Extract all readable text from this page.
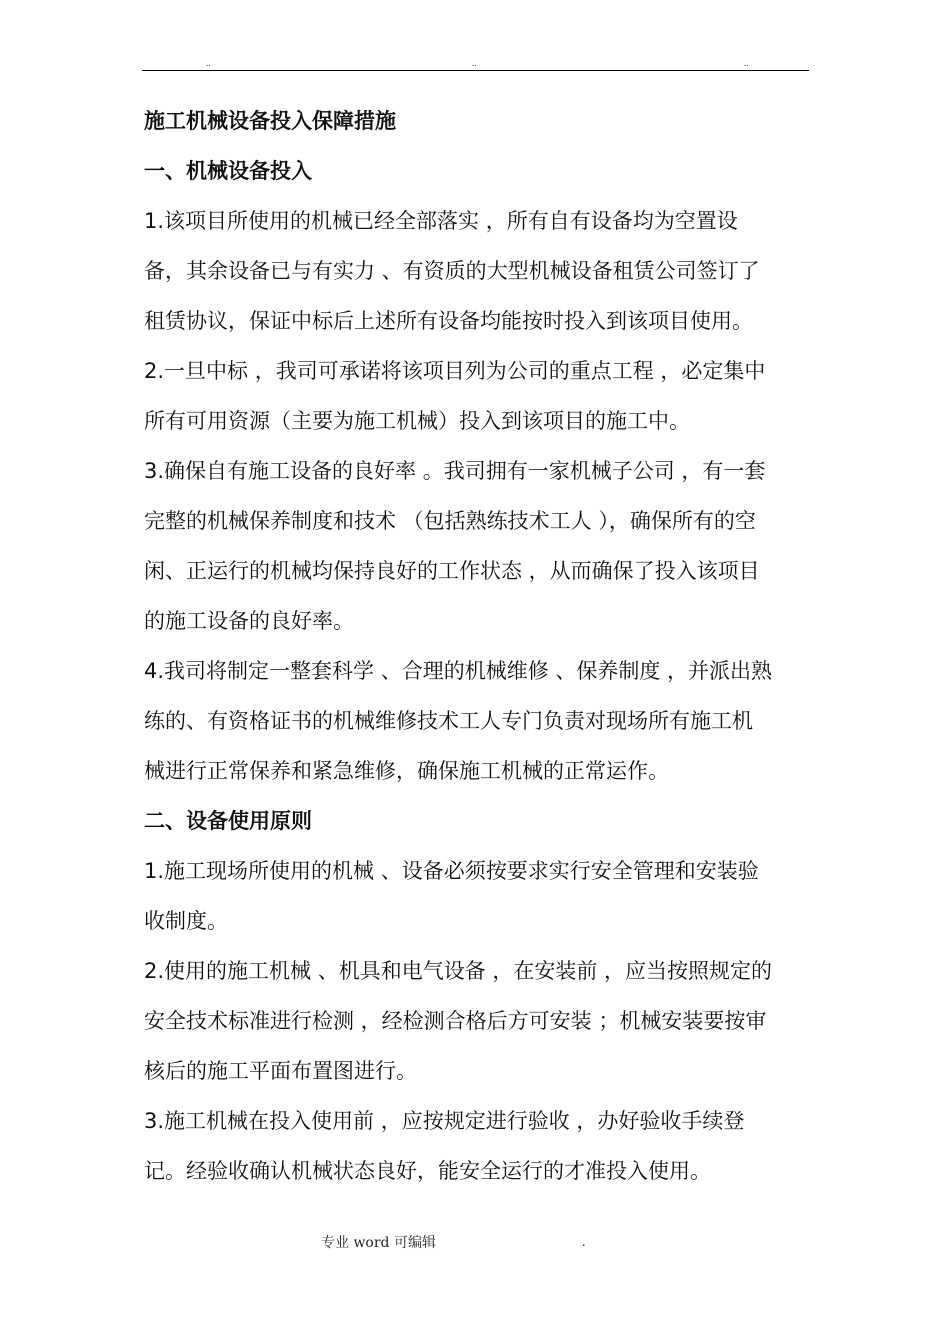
..	..	..
施工机械设备投入保障措施
一、机械设备投入

1.该项目所使用的机械已经全部落实 ，所有自有设备均为空置设
备，其余设备已与有实力 、有资质的大型机械设备租赁公司签订了
租赁协议，保证中标后上述所有设备均能按时投入到该项目使用。

2.一旦中标 ，我司可承诺将该项目列为公司的重点工程 ，必定集中
所有可用资源（主要为施工机械）投入到该项目的施工中。

3.确保自有施工设备的良好率 。我司拥有一家机械子公司 ，有一套
完整的机械保养制度和技术 （包括熟练技术工人 ），确保所有的空
闲、正运行的机械均保持良好的工作状态 ，从而确保了投入该项目
的施工设备的良好率。

4.我司将制定一整套科学 、合理的机械维修 、保养制度 ，并派出熟
练的、有资格证书的机械维修技术工人专门负责对现场所有施工机
械进行正常保养和紧急维修，确保施工机械的正常运作。

二、设备使用原则

1.施工现场所使用的机械 、设备必须按要求实行安全管理和安装验
收制度。

2.使用的施工机械 、机具和电气设备 ，在安装前 ，应当按照规定的
安全技术标准进行检测 ，经检测合格后方可安装 ；机械安装要按审
核后的施工平面布置图进行。

3.施工机械在投入使用前 ，应按规定进行验收 ，办好验收手续登
记。经验收确认机械状态良好，能安全运行的才准投入使用。

专业 word 可编辑	.
